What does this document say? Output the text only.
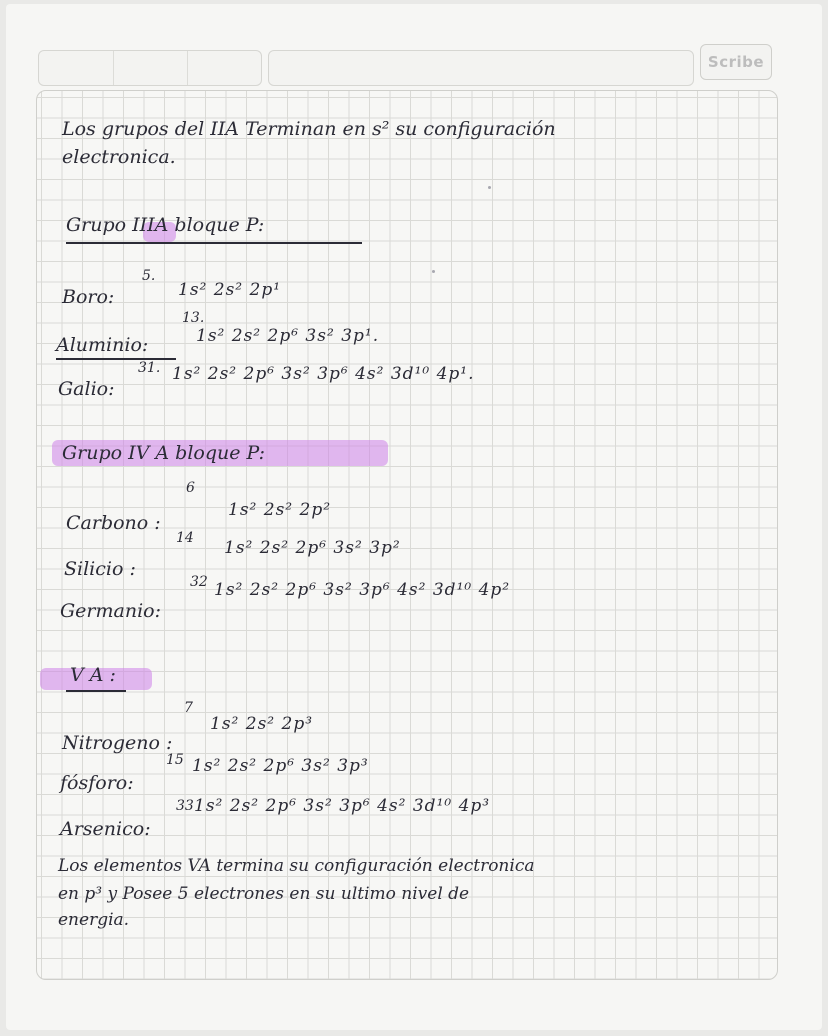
Scribe
Los grupos del IIA Terminan en s² su configuración
electronica.
Grupo IIIA bloque P:
5.
Boro:	1s² 2s² 2p¹
13.
Aluminio:	1s² 2s² 2p⁶ 3s² 3p¹.
31.
Galio:
1s² 2s² 2p⁶ 3s² 3p⁶ 4s² 3d¹⁰ 4p¹.
Grupo IV A bloque P:
6
Carbono :
1s² 2s² 2p²
14
Silicio :
1s² 2s² 2p⁶ 3s² 3p²
32
Germanio:
1s² 2s² 2p⁶ 3s² 3p⁶ 4s² 3d¹⁰ 4p²
V A :
7
Nitrogeno :
1s² 2s² 2p³
15
fósforo:
1s² 2s² 2p⁶ 3s² 3p³
33
Arsenico:
1s² 2s² 2p⁶ 3s² 3p⁶ 4s² 3d¹⁰ 4p³
Los elementos VA termina su configuración electronica
en p³ y Posee 5 electrones en su ultimo nivel de
energia.
